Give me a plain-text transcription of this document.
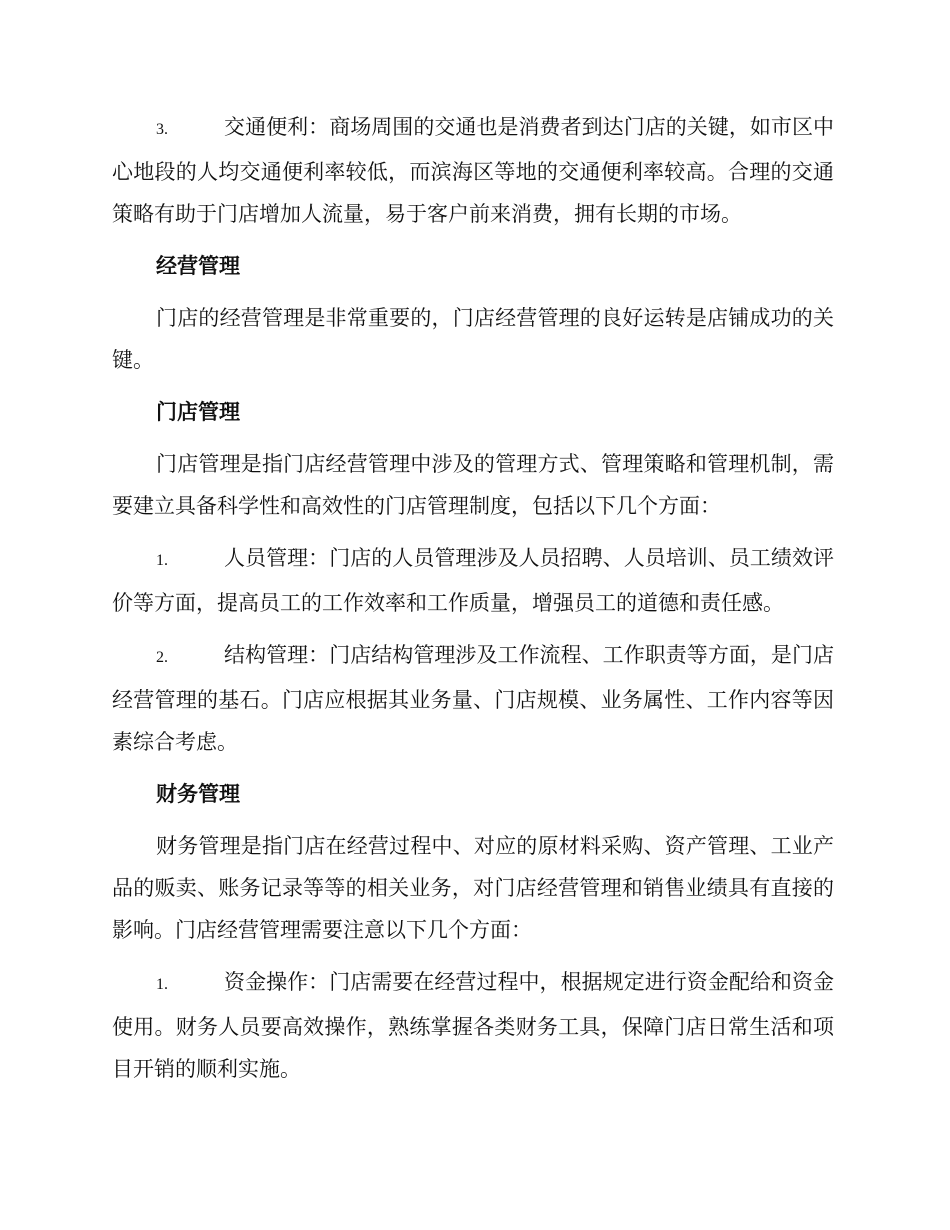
3.	交通便利：商场周围的交通也是消费者到达门店的关键，如市区中心地段的人均交通便利率较低，而滨海区等地的交通便利率较高。合理的交通策略有助于门店增加人流量，易于客户前来消费，拥有长期的市场。

经营管理

门店的经营管理是非常重要的，门店经营管理的良好运转是店铺成功的关键。

门店管理

门店管理是指门店经营管理中涉及的管理方式、管理策略和管理机制，需要建立具备科学性和高效性的门店管理制度，包括以下几个方面：

1.	人员管理：门店的人员管理涉及人员招聘、人员培训、员工绩效评价等方面，提高员工的工作效率和工作质量，增强员工的道德和责任感。

2.	结构管理：门店结构管理涉及工作流程、工作职责等方面，是门店经营管理的基石。门店应根据其业务量、门店规模、业务属性、工作内容等因素综合考虑。

财务管理

财务管理是指门店在经营过程中、对应的原材料采购、资产管理、工业产品的贩卖、账务记录等等的相关业务，对门店经营管理和销售业绩具有直接的影响。门店经营管理需要注意以下几个方面：

1.	资金操作：门店需要在经营过程中，根据规定进行资金配给和资金使用。财务人员要高效操作，熟练掌握各类财务工具，保障门店日常生活和项目开销的顺利实施。
